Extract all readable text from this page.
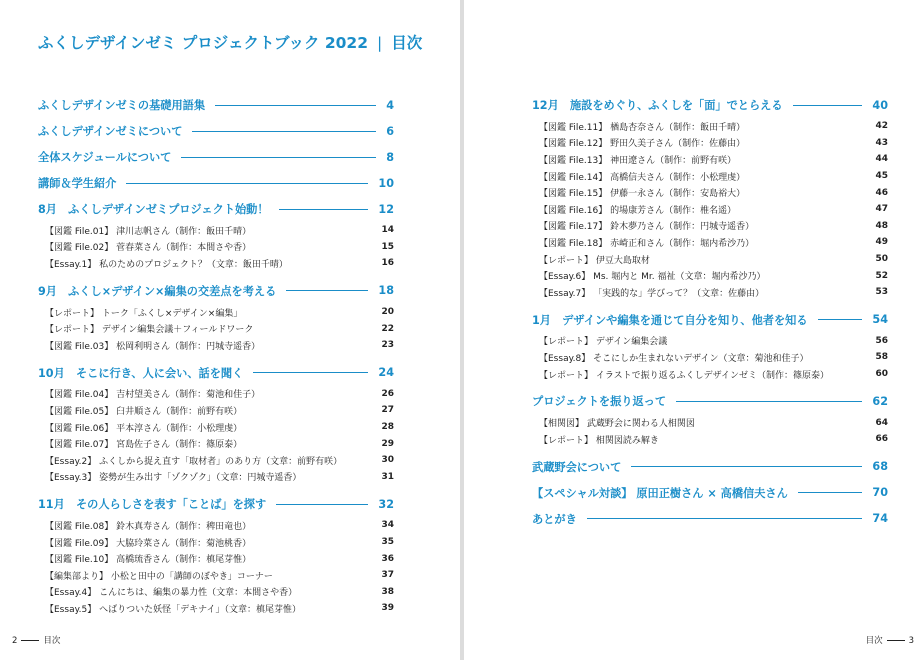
ふくしデザインゼミ プロジェクトブック 2022 | 目次
ふくしデザインゼミの基礎用語集	4
ふくしデザインゼミについて	6
全体スケジュールについて	8
講師＆学生紹介	10
8月　ふくしデザインゼミプロジェクト始動！	12
【図鑑 File.01】 津川志帆さん（制作：飯田千晴）	14
【図鑑 File.02】 菅春菜さん（制作：本間さや香）	15
【Essay.1】 私のためのプロジェクト？（文章：飯田千晴）	16
9月　ふくし×デザイン×編集の交差点を考える	18
【レポート】 トーク「ふくし×デザイン×編集」	20
【レポート】 デザイン編集会議＋フィールドワーク	22
【図鑑 File.03】 松岡利明さん（制作：円城寺遥香）	23
10月　そこに行き、人に会い、話を聞く	24
【図鑑 File.04】 吉村望美さん（制作：菊池和佳子）	26
【図鑑 File.05】 臼井順さん（制作：前野有咲）	27
【図鑑 File.06】 平本淳さん（制作：小松理虔）	28
【図鑑 File.07】 宮島佐子さん（制作：篠原泰）	29
【Essay.2】 ふくしから捉え直す「取材者」のあり方（文章：前野有咲）	30
【Essay.3】 姿勢が生み出す「ゾクゾク」（文章：円城寺遥香）	31
11月　その人らしさを表す「ことば」を探す	32
【図鑑 File.08】 鈴木真寿さん（制作：稗田竜也）	34
【図鑑 File.09】 大脇玲菜さん（制作：菊池桃香）	35
【図鑑 File.10】 高橋琉香さん（制作：槙尾芽惟）	36
【編集部より】 小松と田中の「講師のぼやき」コーナー	37
【Essay.4】 こんにちは、編集の暴力性（文章：本間さや香）	38
【Essay.5】 へばりついた妖怪「デキナイ」（文章：槙尾芽惟）	39
2	目次
12月　施設をめぐり、ふくしを「面」でとらえる	40
【図鑑 File.11】 楢島杏奈さん（制作：飯田千晴）	42
【図鑑 File.12】 野田久美子さん（制作：佐藤由）	43
【図鑑 File.13】 神田遼さん（制作：前野有咲）	44
【図鑑 File.14】 高橋信夫さん（制作：小松理虔）	45
【図鑑 File.15】 伊藤一永さん（制作：安島裕大）	46
【図鑑 File.16】 的場康芳さん（制作：椎名遥）	47
【図鑑 File.17】 鈴木夢乃さん（制作：円城寺遥香）	48
【図鑑 File.18】 赤崎正和さん（制作：堀内希沙乃）	49
【レポート】 伊豆大島取材	50
【Essay.6】 Ms. 堀内と Mr. 福祉（文章：堀内希沙乃）	52
【Essay.7】 「実践的な」学びって？（文章：佐藤由）	53
1月　デザインや編集を通じて自分を知り、他者を知る	54
【レポート】 デザイン編集会議	56
【Essay.8】 そこにしか生まれないデザイン（文章：菊池和佳子）	58
【レポート】 イラストで振り返るふくしデザインゼミ（制作：篠原泰）	60
プロジェクトを振り返って	62
【相関図】 武蔵野会に関わる人相関図	64
【レポート】 相関図読み解き	66
武蔵野会について	68
【スペシャル対談】 原田正樹さん × 高橋信夫さん	70
あとがき	74
目次	3
